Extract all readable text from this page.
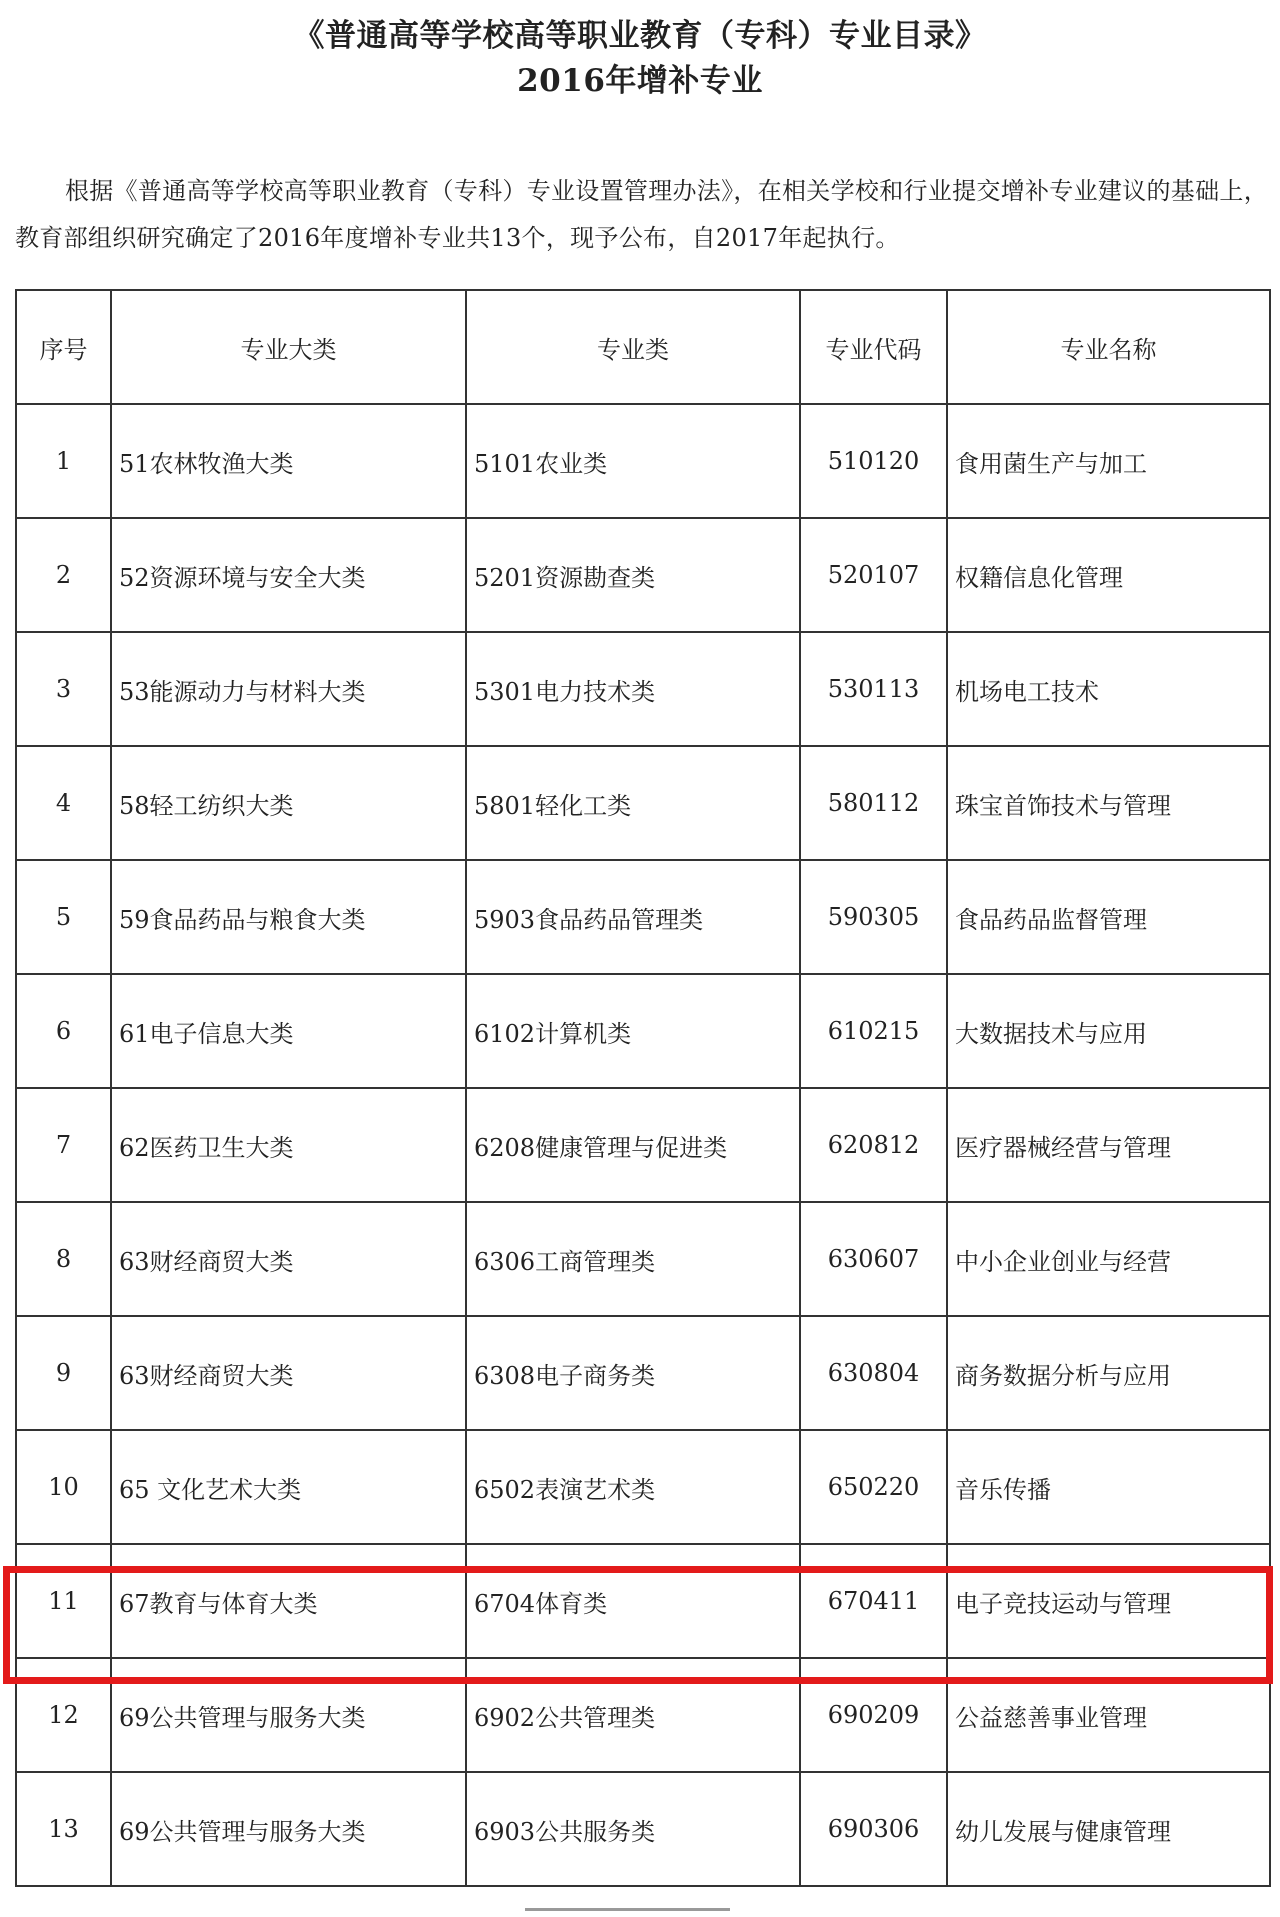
《普通高等学校高等职业教育（专科）专业目录》
2016年增补专业
根据《普通高等学校高等职业教育（专科）专业设置管理办法》，在相关学校和行业提交增补专业建议的基础上，教育部组织研究确定了2016年度增补专业共13个，现予公布，自2017年起执行。
序号	专业大类	专业类	专业代码	专业名称
1	51农林牧渔大类	5101农业类	510120	食用菌生产与加工
2	52资源环境与安全大类	5201资源勘查类	520107	权籍信息化管理
3	53能源动力与材料大类	5301电力技术类	530113	机场电工技术
4	58轻工纺织大类	5801轻化工类	580112	珠宝首饰技术与管理
5	59食品药品与粮食大类	5903食品药品管理类	590305	食品药品监督管理
6	61电子信息大类	6102计算机类	610215	大数据技术与应用
7	62医药卫生大类	6208健康管理与促进类	620812	医疗器械经营与管理
8	63财经商贸大类	6306工商管理类	630607	中小企业创业与经营
9	63财经商贸大类	6308电子商务类	630804	商务数据分析与应用
10	65 文化艺术大类	6502表演艺术类	650220	音乐传播
11	67教育与体育大类	6704体育类	670411	电子竞技运动与管理
12	69公共管理与服务大类	6902公共管理类	690209	公益慈善事业管理
13	69公共管理与服务大类	6903公共服务类	690306	幼儿发展与健康管理
